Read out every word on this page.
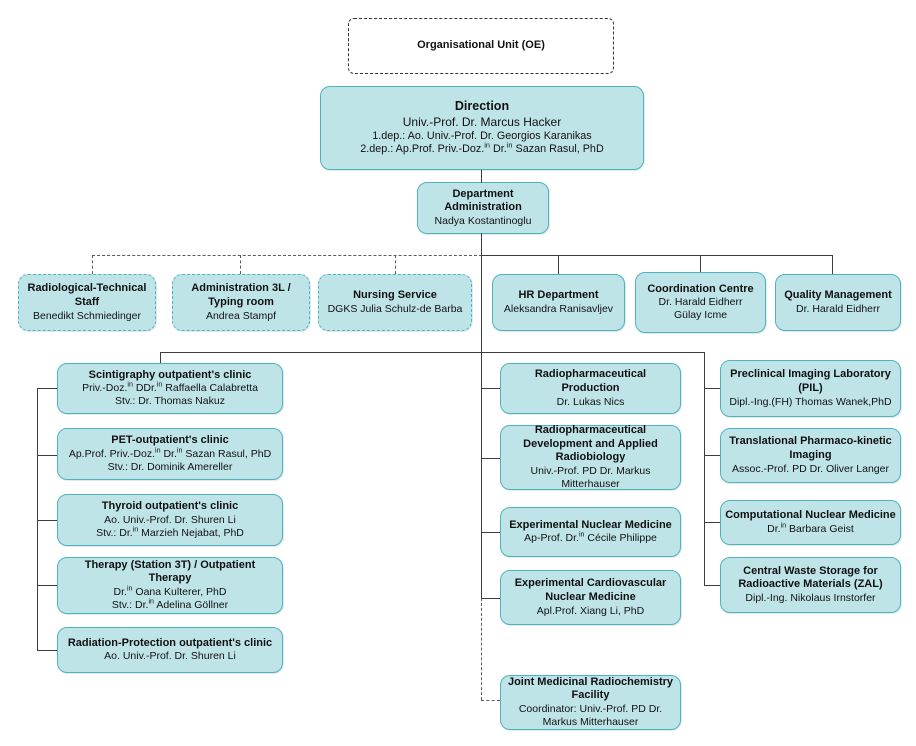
Organisational Unit (OE)
Direction
Univ.-Prof. Dr. Marcus Hacker
1.dep.: Ao. Univ.-Prof. Dr. Georgios Karanikas
2.dep.: Ap.Prof. Priv.-Doz.$^{in}$ Dr.$^{in}$ Sazan Rasul, PhD
Department Administration
Nadya Kostantinoglu
Radiological-Technical Staff
Benedikt Schmiedinger
Administration 3L / Typing room
Andrea Stampf
Nursing Service
DGKS Julia Schulz-de Barba
HR Department
Aleksandra Ranisavljev
Coordination Centre
Dr. Harald Eidherr
Gülay Icme
Quality Management
Dr. Harald Eidherr
Scintigraphy outpatient's clinic
Priv.-Doz.$^{in}$ DDr.$^{in}$ Raffaella Calabretta
Stv.: Dr. Thomas Nakuz
PET-outpatient's clinic
Ap.Prof. Priv.-Doz.$^{in}$ Dr.$^{in}$ Sazan Rasul, PhD
Stv.: Dr. Dominik Amereller
Thyroid outpatient's clinic
Ao. Univ.-Prof. Dr. Shuren Li
Stv.: Dr.$^{in}$ Marzieh Nejabat, PhD
Therapy (Station 3T) / Outpatient Therapy
Dr.$^{in}$ Oana Kulterer, PhD
Stv.: Dr.$^{in}$ Adelina Göllner
Radiation-Protection outpatient's clinic
Ao. Univ.-Prof. Dr. Shuren Li
Radiopharmaceutical Production
Dr. Lukas Nics
Radiopharmaceutical Development and Applied Radiobiology
Univ.-Prof. PD Dr. Markus Mitterhauser
Experimental Nuclear Medicine
Ap-Prof. Dr.$^{in}$ Cécile Philippe
Experimental Cardiovascular Nuclear Medicine
Apl.Prof. Xiang Li, PhD
Joint Medicinal Radiochemistry Facility
Coordinator: Univ.-Prof. PD Dr. Markus Mitterhauser
Preclinical Imaging Laboratory (PIL)
Dipl.-Ing.(FH) Thomas Wanek,PhD
Translational Pharmaco-kinetic Imaging
Assoc.-Prof. PD Dr. Oliver Langer
Computational Nuclear Medicine
Dr.$^{in}$ Barbara Geist
Central Waste Storage for Radioactive Materials (ZAL)
Dipl.-Ing. Nikolaus Irnstorfer
